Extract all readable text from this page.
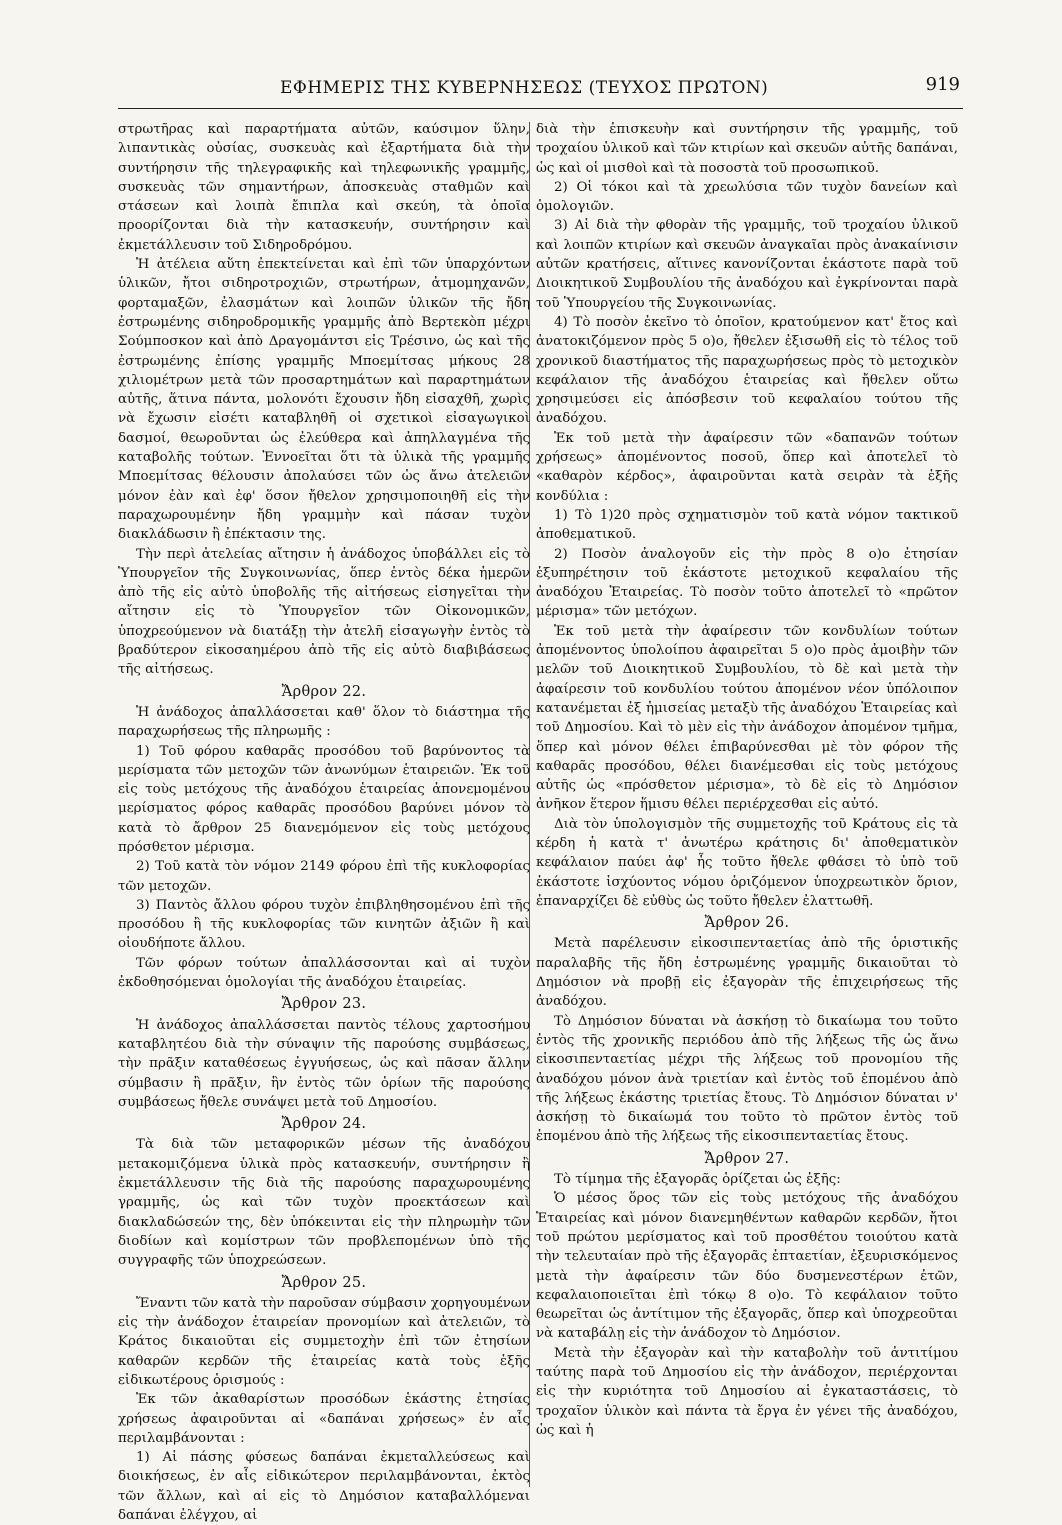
ΕΦΗΜΕΡΙΣ ΤΗΣ ΚΥΒΕΡΝΗΣΕΩΣ (ΤΕΥΧΟΣ ΠΡΩΤΟΝ)	919

στρωτῆρας καὶ παραρτήματα αὐτῶν, καύσιμον ὕλην, λιπαντικὰς οὐσίας, συσκευὰς καὶ ἐξαρτήματα διὰ τὴν συντήρησιν τῆς τηλεγραφικῆς καὶ τηλεφωνικῆς γραμμῆς, συσκευὰς τῶν σημαντήρων, ἀποσκευὰς σταθμῶν καὶ στάσεων καὶ λοιπὰ ἔπιπλα καὶ σκεύη, τὰ ὁποῖα προορίζονται διὰ τὴν κατασκευήν, συντήρησιν καὶ ἐκμετάλλευσιν τοῦ Σιδηροδρόμου.

Ἡ ἀτέλεια αὕτη ἐπεκτείνεται καὶ ἐπὶ τῶν ὑπαρχόντων ὑλικῶν, ἤτοι σιδηροτροχιῶν, στρωτήρων, ἀτμομηχανῶν, φορταμαξῶν, ἐλασμάτων καὶ λοιπῶν ὑλικῶν τῆς ἤδη ἐστρωμένης σιδηροδρομικῆς γραμμῆς ἀπὸ Βερτεκὸπ μέχρι Σούμποσκον καὶ ἀπὸ Δραγομάντσι εἰς Τρέσινο, ὡς καὶ τῆς ἐστρωμένης ἐπίσης γραμμῆς Μποεμίτσας μήκους 28 χιλιομέτρων μετὰ τῶν προσαρτημάτων καὶ παραρτημάτων αὐτῆς, ἅτινα πάντα, μολονότι ἔχουσιν ἤδη εἰσαχθῆ, χωρὶς νὰ ἔχωσιν εἰσέτι καταβληθῆ οἱ σχετικοὶ εἰσαγωγικοὶ δασμοί, θεωροῦνται ὡς ἐλεύθερα καὶ ἀπηλλαγμένα τῆς καταβολῆς τούτων. Ἐννοεῖται ὅτι τὰ ὑλικὰ τῆς γραμμῆς Μποεμίτσας θέλουσιν ἀπολαύσει τῶν ὡς ἄνω ἀτελειῶν μόνον ἐὰν καὶ ἐφ' ὅσον ἤθελον χρησιμοποιηθῆ εἰς τὴν παραχωρουμένην ἤδη γραμμὴν καὶ πάσαν τυχὸν διακλάδωσιν ἢ ἐπέκτασιν της.

Τὴν περὶ ἀτελείας αἴτησιν ἡ ἀνάδοχος ὑποβάλλει εἰς τὸ Ὑπουργεῖον τῆς Συγκοινωνίας, ὅπερ ἐντὸς δέκα ἡμερῶν ἀπὸ τῆς εἰς αὐτὸ ὑποβολῆς τῆς αἰτήσεως εἰσηγεῖται τὴν αἴτησιν εἰς τὸ Ὑπουργεῖον τῶν Οἰκονομικῶν, ὑποχρεούμενον νὰ διατάξῃ τὴν ἀτελῆ εἰσαγωγὴν ἐντὸς τὸ βραδύτερον εἰκοσαημέρου ἀπὸ τῆς εἰς αὐτὸ διαβιβάσεως τῆς αἰτήσεως.

Ἄρθρον 22.

Ἡ ἀνάδοχος ἀπαλλάσσεται καθ' ὅλον τὸ διάστημα τῆς παραχωρήσεως τῆς πληρωμῆς :

1) Τοῦ φόρου καθαρᾶς προσόδου τοῦ βαρύνοντος τὰ μερίσματα τῶν μετοχῶν τῶν ἀνωνύμων ἑταιρειῶν. Ἐκ τοῦ εἰς τοὺς μετόχους τῆς ἀναδόχου ἑταιρείας ἀπονεμομένου μερίσματος φόρος καθαρᾶς προσόδου βαρύνει μόνον τὸ κατὰ τὸ ἄρθρον 25 διανεμόμενον εἰς τοὺς μετόχους πρόσθετον μέρισμα.

2) Τοῦ κατὰ τὸν νόμον 2149 φόρου ἐπὶ τῆς κυκλοφορίας τῶν μετοχῶν.

3) Παντὸς ἄλλου φόρου τυχὸν ἐπιβληθησομένου ἐπὶ τῆς προσόδου ἢ τῆς κυκλοφορίας τῶν κινητῶν ἀξιῶν ἢ καὶ οἱουδήποτε ἄλλου.

Τῶν φόρων τούτων ἀπαλλάσσονται καὶ αἱ τυχὸν ἐκδοθησόμεναι ὁμολογίαι τῆς ἀναδόχου ἑταιρείας.

Ἄρθρον 23.

Ἡ ἀνάδοχος ἀπαλλάσσεται παντὸς τέλους χαρτοσήμου καταβλητέου διὰ τὴν σύναψιν τῆς παρούσης συμβάσεως, τὴν πρᾶξιν καταθέσεως ἐγγυήσεως, ὡς καὶ πᾶσαν ἄλλην σύμβασιν ἢ πρᾶξιν, ἣν ἐντὸς τῶν ὁρίων τῆς παρούσης συμβάσεως ἤθελε συνάψει μετὰ τοῦ Δημοσίου.

Ἄρθρον 24.

Τὰ διὰ τῶν μεταφορικῶν μέσων τῆς ἀναδόχου μετακομιζόμενα ὑλικὰ πρὸς κατασκευήν, συντήρησιν ἢ ἐκμετάλλευσιν τῆς διὰ τῆς παρούσης παραχωρουμένης γραμμῆς, ὡς καὶ τῶν τυχὸν προεκτάσεων καὶ διακλαδώσεών της, δὲν ὑπόκεινται εἰς τὴν πληρωμὴν τῶν διοδίων καὶ κομίστρων τῶν προβλεπομένων ὑπὸ τῆς συγγραφῆς τῶν ὑποχρεώσεων.

Ἄρθρον 25.

Ἔναντι τῶν κατὰ τὴν παροῦσαν σύμβασιν χορηγουμένων εἰς τὴν ἀνάδοχον ἑταιρείαν προνομίων καὶ ἀτελειῶν, τὸ Κράτος δικαιοῦται εἰς συμμετοχὴν ἐπὶ τῶν ἐτησίων καθαρῶν κερδῶν τῆς ἑταιρείας κατὰ τοὺς ἑξῆς εἰδικωτέρους ὁρισμούς :

Ἐκ τῶν ἀκαθαρίστων προσόδων ἑκάστης ἐτησίας χρήσεως ἀφαιροῦνται αἱ «δαπάναι χρήσεως» ἐν αἷς περιλαμβάνονται :

1) Αἱ πάσης φύσεως δαπάναι ἐκμεταλλεύσεως καὶ διοικήσεως, ἐν αἷς εἰδικώτερον περιλαμβάνονται, ἐκτὸς τῶν ἄλλων, καὶ αἱ εἰς τὸ Δημόσιον καταβαλλόμεναι δαπάναι ἐλέγχου, αἱ

διὰ τὴν ἐπισκευὴν καὶ συντήρησιν τῆς γραμμῆς, τοῦ τροχαίου ὑλικοῦ καὶ τῶν κτιρίων καὶ σκευῶν αὐτῆς δαπάναι, ὡς καὶ οἱ μισθοὶ καὶ τὰ ποσοστὰ τοῦ προσωπικοῦ.

2) Οἱ τόκοι καὶ τὰ χρεωλύσια τῶν τυχὸν δανείων καὶ ὁμολογιῶν.

3) Αἱ διὰ τὴν φθορὰν τῆς γραμμῆς, τοῦ τροχαίου ὑλικοῦ καὶ λοιπῶν κτιρίων καὶ σκευῶν ἀναγκαῖαι πρὸς ἀνακαίνισιν αὐτῶν κρατήσεις, αἵτινες κανονίζονται ἑκάστοτε παρὰ τοῦ Διοικητικοῦ Συμβουλίου τῆς ἀναδόχου καὶ ἐγκρίνονται παρὰ τοῦ Ὑπουργείου τῆς Συγκοινωνίας.

4) Τὸ ποσὸν ἐκεῖνο τὸ ὁποῖον, κρατούμενον κατ' ἔτος καὶ ἀνατοκιζόμενον πρὸς 5 ο)ο, ἤθελεν ἐξισωθῆ εἰς τὸ τέλος τοῦ χρονικοῦ διαστήματος τῆς παραχωρήσεως πρὸς τὸ μετοχικὸν κεφάλαιον τῆς ἀναδόχου ἑταιρείας καὶ ἤθελεν οὕτω χρησιμεύσει εἰς ἀπόσβεσιν τοῦ κεφαλαίου τούτου τῆς ἀναδόχου.

Ἐκ τοῦ μετὰ τὴν ἀφαίρεσιν τῶν «δαπανῶν τούτων χρήσεως» ἀπομένοντος ποσοῦ, ὅπερ καὶ ἀποτελεῖ τὸ «καθαρὸν κέρδος», ἀφαιροῦνται κατὰ σειρὰν τὰ ἑξῆς κονδύλια :

1) Τὸ 1)20 πρὸς σχηματισμὸν τοῦ κατὰ νόμον τακτικοῦ ἀποθεματικοῦ.

2) Ποσὸν ἀναλογοῦν εἰς τὴν πρὸς 8 ο)ο ἐτησίαν ἐξυπηρέτησιν τοῦ ἑκάστοτε μετοχικοῦ κεφαλαίου τῆς ἀναδόχου Ἑταιρείας. Τὸ ποσὸν τοῦτο ἀποτελεῖ τὸ «πρῶτον μέρισμα» τῶν μετόχων.

Ἐκ τοῦ μετὰ τὴν ἀφαίρεσιν τῶν κονδυλίων τούτων ἀπομένοντος ὑπολοίπου ἀφαιρεῖται 5 ο)ο πρὸς ἀμοιβὴν τῶν μελῶν τοῦ Διοικητικοῦ Συμβουλίου, τὸ δὲ καὶ μετὰ τὴν ἀφαίρεσιν τοῦ κονδυλίου τούτου ἀπομένον νέον ὑπόλοιπον κατανέμεται ἐξ ἡμισείας μεταξὺ τῆς ἀναδόχου Ἑταιρείας καὶ τοῦ Δημοσίου. Καὶ τὸ μὲν εἰς τὴν ἀνάδοχον ἀπομένον τμῆμα, ὅπερ καὶ μόνον θέλει ἐπιβαρύνεσθαι μὲ τὸν φόρον τῆς καθαρᾶς προσόδου, θέλει διανέμεσθαι εἰς τοὺς μετόχους αὐτῆς ὡς «πρόσθετον μέρισμα», τὸ δὲ εἰς τὸ Δημόσιον ἀνῆκον ἕτερον ἥμισυ θέλει περιέρχεσθαι εἰς αὐτό.

Διὰ τὸν ὑπολογισμὸν τῆς συμμετοχῆς τοῦ Κράτους εἰς τὰ κέρδη ἡ κατὰ τ' ἀνωτέρω κράτησις δι' ἀποθεματικὸν κεφάλαιον παύει ἀφ' ἧς τοῦτο ἤθελε φθάσει τὸ ὑπὸ τοῦ ἑκάστοτε ἰσχύοντος νόμου ὁριζόμενον ὑποχρεωτικὸν ὅριον, ἐπαναρχίζει δὲ εὐθὺς ὡς τοῦτο ἤθελεν ἐλαττωθῆ.

Ἄρθρον 26.

Μετὰ παρέλευσιν εἰκοσιπενταετίας ἀπὸ τῆς ὁριστικῆς παραλαβῆς τῆς ἤδη ἐστρωμένης γραμμῆς δικαιοῦται τὸ Δημόσιον νὰ προβῇ εἰς ἐξαγορὰν τῆς ἐπιχειρήσεως τῆς ἀναδόχου.

Τὸ Δημόσιον δύναται νὰ ἀσκήσῃ τὸ δικαίωμα του τοῦτο ἐντὸς τῆς χρονικῆς περιόδου ἀπὸ τῆς λήξεως τῆς ὡς ἄνω εἰκοσιπενταετίας μέχρι τῆς λήξεως τοῦ προνομίου τῆς ἀναδόχου μόνον ἀνὰ τριετίαν καὶ ἐντὸς τοῦ ἑπομένου ἀπὸ τῆς λήξεως ἑκάστης τριετίας ἔτους. Τὸ Δημόσιον δύναται ν' ἀσκήσῃ τὸ δικαίωμά του τοῦτο τὸ πρῶτον ἐντὸς τοῦ ἑπομένου ἀπὸ τῆς λήξεως τῆς εἰκοσιπενταετίας ἔτους.

Ἄρθρον 27.

Τὸ τίμημα τῆς ἐξαγορᾶς ὁρίζεται ὡς ἑξῆς:

Ὁ μέσος ὅρος τῶν εἰς τοὺς μετόχους τῆς ἀναδόχου Ἑταιρείας καὶ μόνον διανεμηθέντων καθαρῶν κερδῶν, ἤτοι τοῦ πρώτου μερίσματος καὶ τοῦ προσθέτου τοιούτου κατὰ τὴν τελευταίαν πρὸ τῆς ἐξαγορᾶς ἑπταετίαν, ἐξευρισκόμενος μετὰ τὴν ἀφαίρεσιν τῶν δύο δυσμενεστέρων ἐτῶν, κεφαλαιοποιεῖται ἐπὶ τόκῳ 8 ο)ο. Τὸ κεφάλαιον τοῦτο θεωρεῖται ὡς ἀντίτιμον τῆς ἐξαγορᾶς, ὅπερ καὶ ὑποχρεοῦται νὰ καταβάλῃ εἰς τὴν ἀνάδοχον τὸ Δημόσιον.

Μετὰ τὴν ἐξαγορὰν καὶ τὴν καταβολὴν τοῦ ἀντιτίμου ταύτης παρὰ τοῦ Δημοσίου εἰς τὴν ἀνάδοχον, περιέρχονται εἰς τὴν κυριότητα τοῦ Δημοσίου αἱ ἐγκαταστάσεις, τὸ τροχαῖον ὑλικὸν καὶ πάντα τὰ ἔργα ἐν γένει τῆς ἀναδόχου, ὡς καὶ ἡ
